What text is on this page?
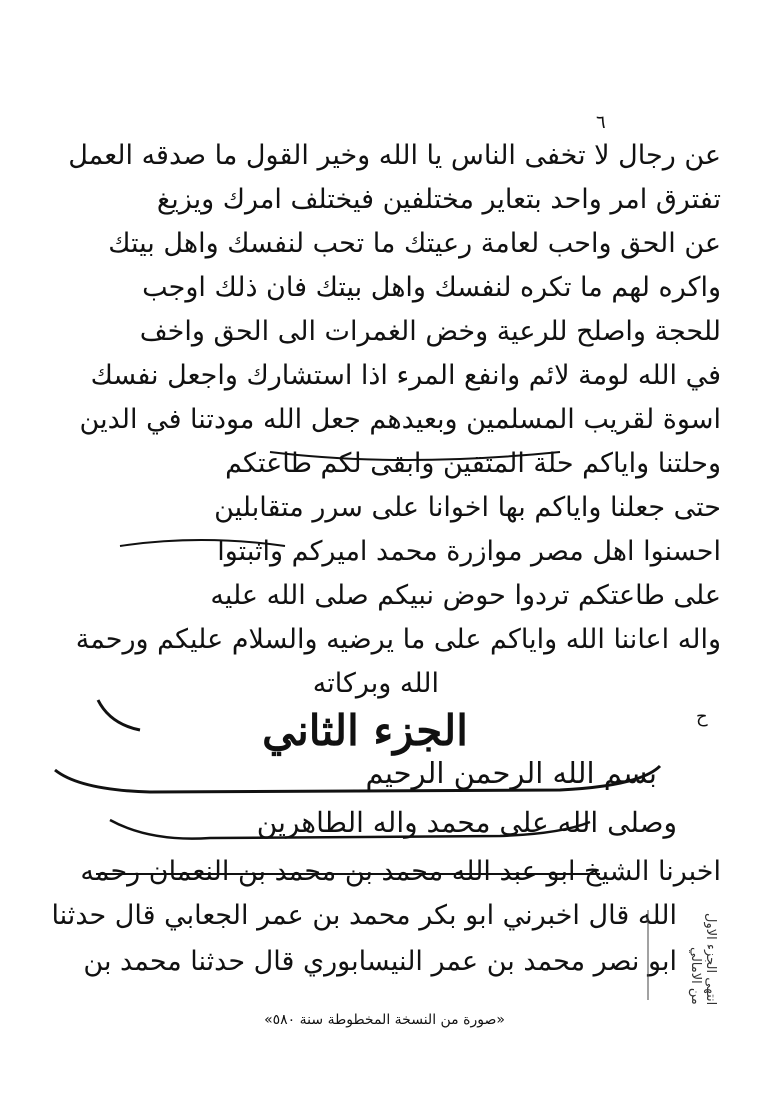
٦
عن رجال لا تخفى الناس يا الله وخير القول ما صدقه العمل
تفترق امر واحد بتعاير مختلفين فيختلف امرك ويزيغ
عن الحق واحب لعامة رعيتك ما تحب لنفسك واهل بيتك
واكره لهم ما تكره لنفسك واهل بيتك فان ذلك اوجب
للحجة واصلح للرعية وخض الغمرات الى الحق واخف
في الله لومة لائم وانفع المرء اذا استشارك واجعل نفسك
اسوة لقريب المسلمين وبعيدهم جعل الله مودتنا في الدين
وحلتنا واياكم حلة المتقين وابقى لكم طاعتكم
حتى جعلنا واياكم بها اخوانا على سرر متقابلين
احسنوا اهل مصر موازرة محمد اميركم واثبتوا
على طاعتكم تردوا حوض نبيكم صلى الله عليه
واله اعاننا الله واياكم على ما يرضيه والسلام عليكم ورحمة
الله وبركاته
ح
الجزء الثاني
بسم الله الرحمن الرحيم
وصلى الله على محمد واله الطاهرين
اخبرنا الشيخ ابو عبد الله محمد بن محمد بن النعمان رحمه
الله قال اخبرني ابو بكر محمد بن عمر الجعابي قال حدثنا
ابو نصر محمد بن عمر النيسابوري قال حدثنا محمد بن	انتهى الجزء الاول من الامالي
«صورة من النسخة المخطوطة سنة ٥٨٠»
